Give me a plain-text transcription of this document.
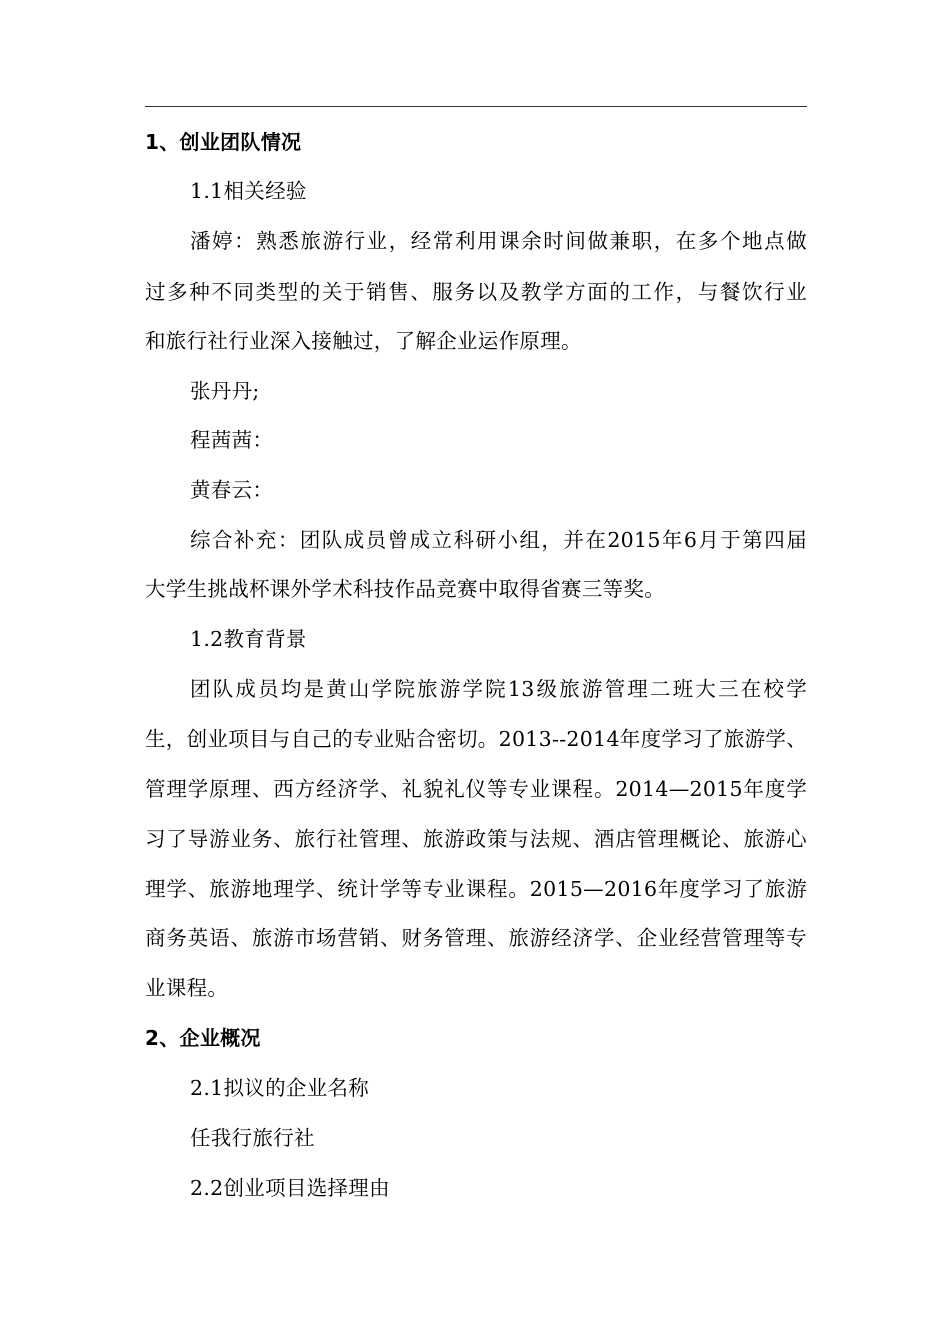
1、创业团队情况
1.1相关经验
潘婷：熟悉旅游行业，经常利用课余时间做兼职，在多个地点做
过多种不同类型的关于销售、服务以及教学方面的工作，与餐饮行业
和旅行社行业深入接触过，了解企业运作原理。
张丹丹;
程茜茜：
黄春云：
综合补充：团队成员曾成立科研小组，并在2015年6月于第四届
大学生挑战杯课外学术科技作品竞赛中取得省赛三等奖。
1.2教育背景
团队成员均是黄山学院旅游学院13级旅游管理二班大三在校学
生，创业项目与自己的专业贴合密切。2013--2014年度学习了旅游学、
管理学原理、西方经济学、礼貌礼仪等专业课程。2014—2015年度学
习了导游业务、旅行社管理、旅游政策与法规、酒店管理概论、旅游心
理学、旅游地理学、统计学等专业课程。2015—2016年度学习了旅游
商务英语、旅游市场营销、财务管理、旅游经济学、企业经营管理等专
业课程。
2、企业概况
2.1拟议的企业名称
任我行旅行社
2.2创业项目选择理由
